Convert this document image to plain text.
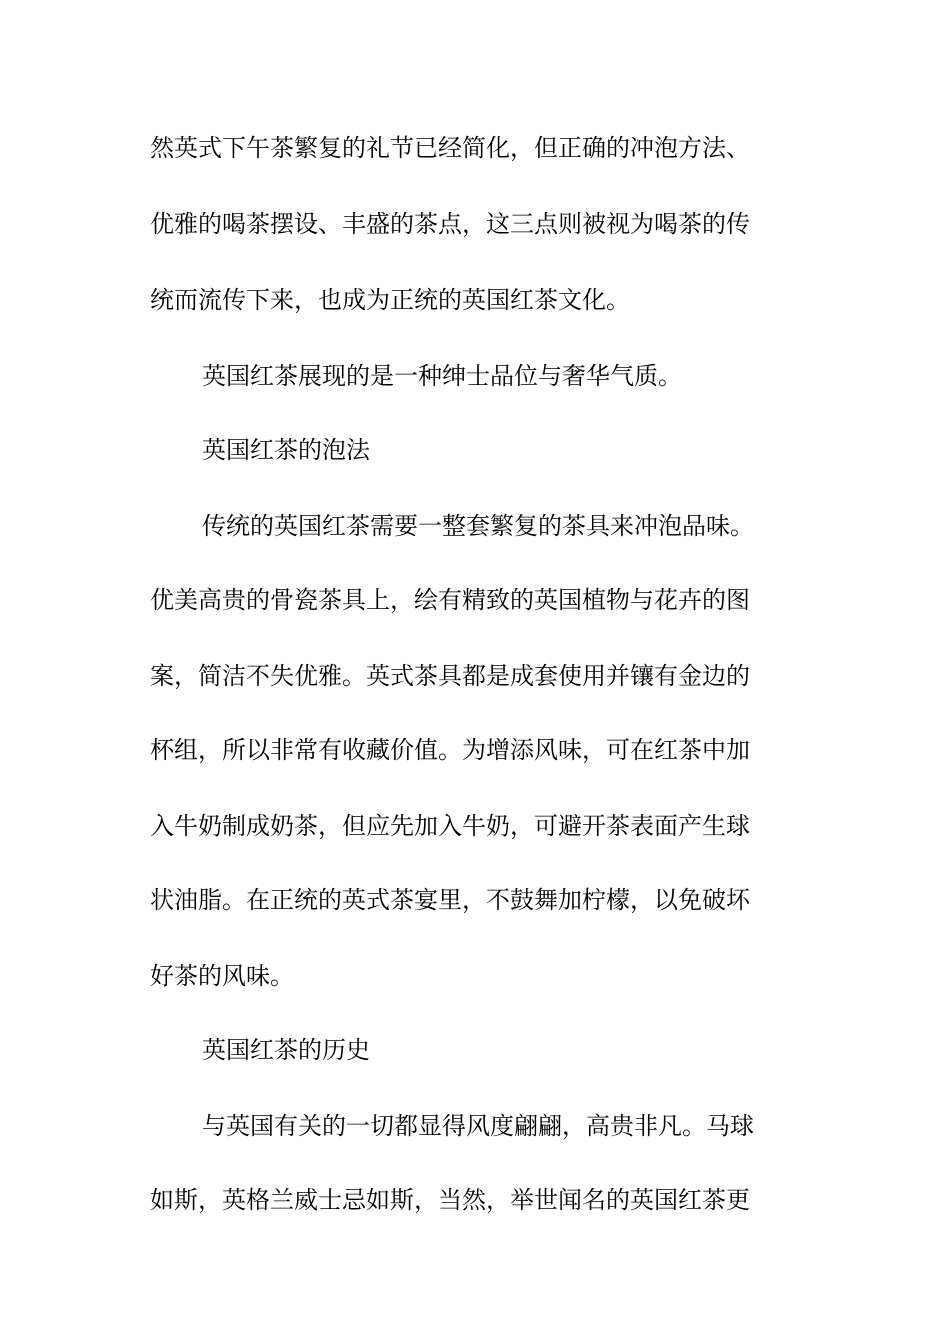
然英式下午茶繁复的礼节已经简化，但正确的冲泡方法、
优雅的喝茶摆设、丰盛的茶点，这三点则被视为喝茶的传
统而流传下来，也成为正统的英国红茶文化。
英国红茶展现的是一种绅士品位与奢华气质。
英国红茶的泡法
传统的英国红茶需要一整套繁复的茶具来冲泡品味。
优美高贵的骨瓷茶具上，绘有精致的英国植物与花卉的图
案，简洁不失优雅。英式茶具都是成套使用并镶有金边的
杯组，所以非常有收藏价值。为增添风味，可在红茶中加
入牛奶制成奶茶，但应先加入牛奶，可避开茶表面产生球
状油脂。在正统的英式茶宴里，不鼓舞加柠檬，以免破坏
好茶的风味。
英国红茶的历史
与英国有关的一切都显得风度翩翩，高贵非凡。马球
如斯，英格兰威士忌如斯，当然，举世闻名的英国红茶更
